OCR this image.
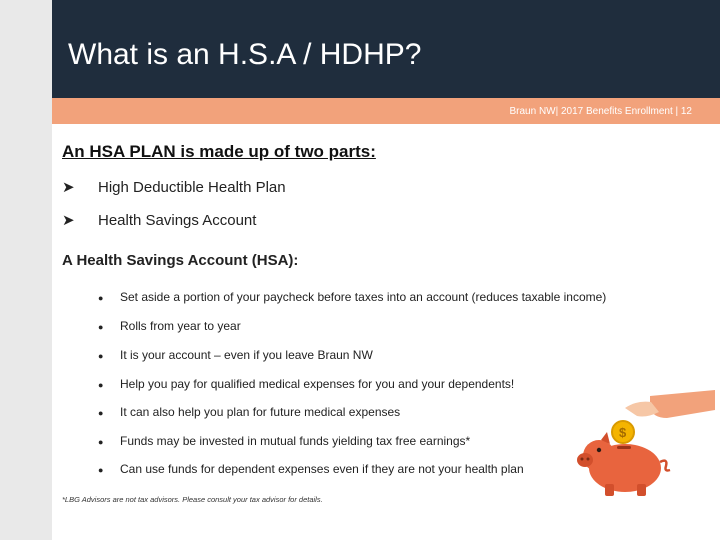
What is an H.S.A / HDHP?
Braun NW| 2017 Benefits Enrollment | 12
An HSA PLAN is made up of two parts:
➤ High Deductible Health Plan
➤ Health Savings Account
A Health Savings Account (HSA):
● Set aside a portion of your paycheck before taxes into an account (reduces taxable income)
● Rolls from year to year
● It is your account – even if you leave Braun NW
● Help you pay for qualified medical expenses for you and your dependents!
● It can also help you plan for future medical expenses
● Funds may be invested in mutual funds yielding tax free earnings*
● Can use funds for dependent expenses even if they are not your health plan
*LBG Advisors are not tax advisors. Please consult your tax advisor for details.
$
